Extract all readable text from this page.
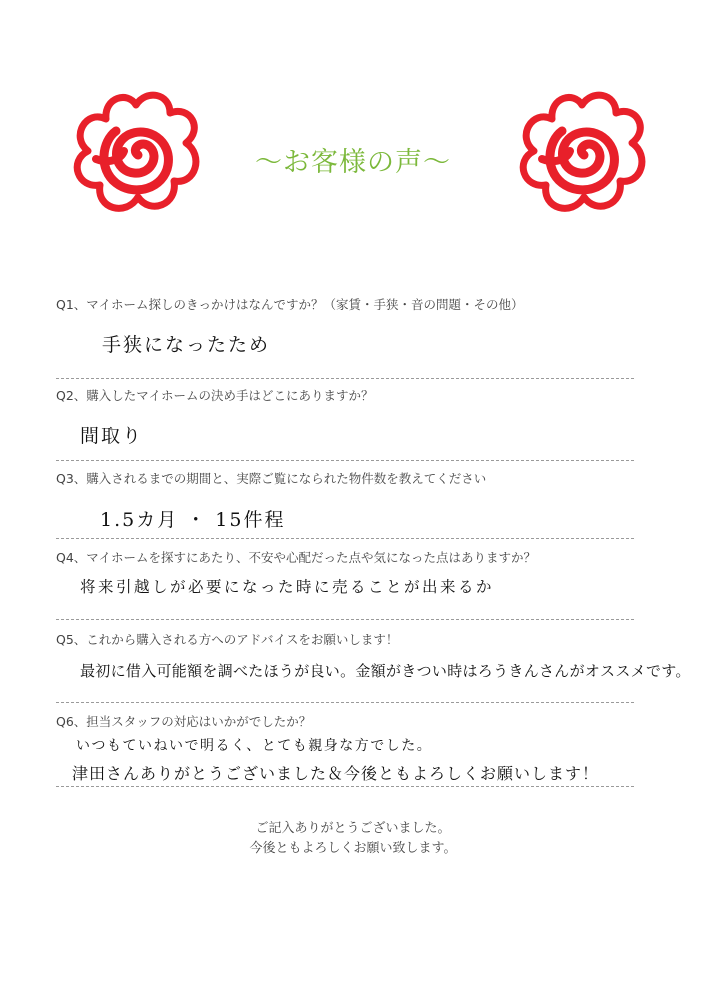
～お客様の声～
Q1、マイホーム探しのきっかけはなんですか？（家賃・手狭・音の問題・その他）
手狭になったため
Q2、購入したマイホームの決め手はどこにありますか？
間取り
Q3、購入されるまでの期間と、実際ご覧になられた物件数を教えてください
1.5カ月 ・ 15件程
Q4、マイホームを探すにあたり、不安や心配だった点や気になった点はありますか？
将来引越しが必要になった時に売ることが出来るか
Q5、これから購入される方へのアドバイスをお願いします！
最初に借入可能額を調べたほうが良い。金額がきつい時はろうきんさんがオススメです。
Q6、担当スタッフの対応はいかがでしたか？
いつもていねいで明るく、とても親身な方でした。
津田さんありがとうございました＆今後ともよろしくお願いします！
ご記入ありがとうございました。
今後ともよろしくお願い致します。
